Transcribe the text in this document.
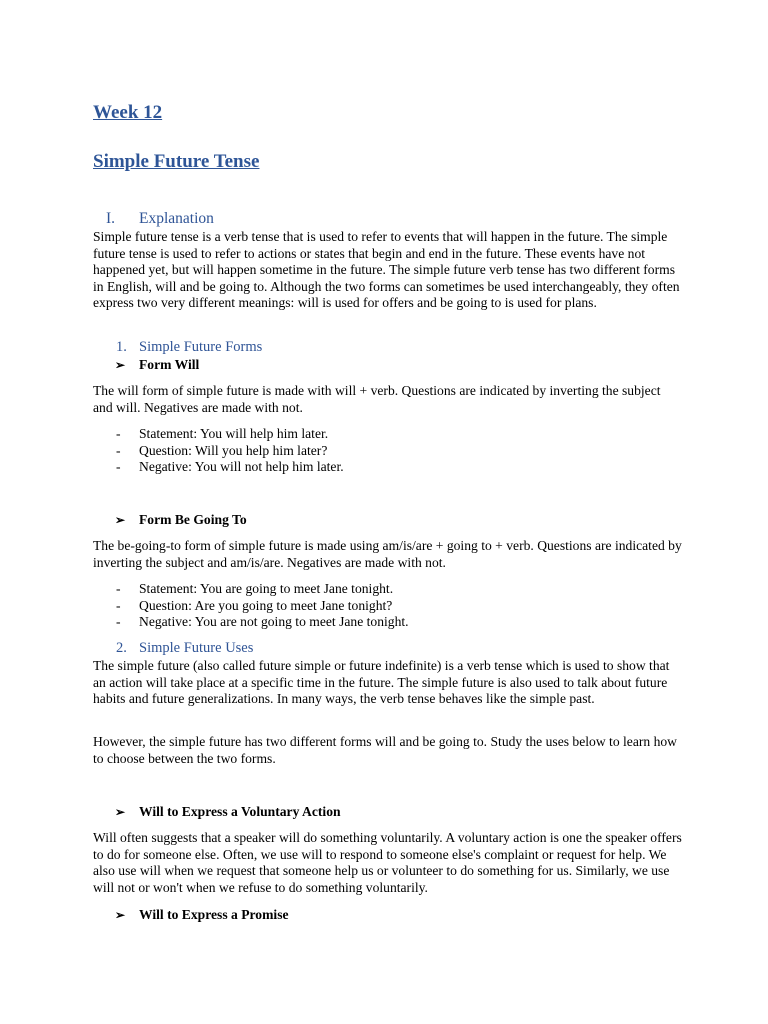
Week 12
Simple Future Tense
I. Explanation

Simple future tense is a verb tense that is used to refer to events that will happen in the future. The simple future tense is used to refer to actions or states that begin and end in the future. These events have not happened yet, but will happen sometime in the future. The simple future verb tense has two different forms in English, will and be going to. Although the two forms can sometimes be used interchangeably, they often express two very different meanings: will is used for offers and be going to is used for plans.

1. Simple Future Forms
➢ Form Will

The will form of simple future is made with will + verb. Questions are indicated by inverting the subject and will. Negatives are made with not.

- Statement: You will help him later.
- Question: Will you help him later?
- Negative: You will not help him later.
➢ Form Be Going To

The be-going-to form of simple future is made using am/is/are + going to + verb. Questions are indicated by inverting the subject and am/is/are. Negatives are made with not.

- Statement: You are going to meet Jane tonight.
- Question: Are you going to meet Jane tonight?
- Negative: You are not going to meet Jane tonight.
2. Simple Future Uses

The simple future (also called future simple or future indefinite) is a verb tense which is used to show that an action will take place at a specific time in the future. The simple future is also used to talk about future habits and future generalizations. In many ways, the verb tense behaves like the simple past.

However, the simple future has two different forms will and be going to. Study the uses below to learn how to choose between the two forms.

➢ Will to Express a Voluntary Action

Will often suggests that a speaker will do something voluntarily. A voluntary action is one the speaker offers to do for someone else. Often, we use will to respond to someone else's complaint or request for help. We also use will when we request that someone help us or volunteer to do something for us. Similarly, we use will not or won't when we refuse to do something voluntarily.

➢ Will to Express a Promise
